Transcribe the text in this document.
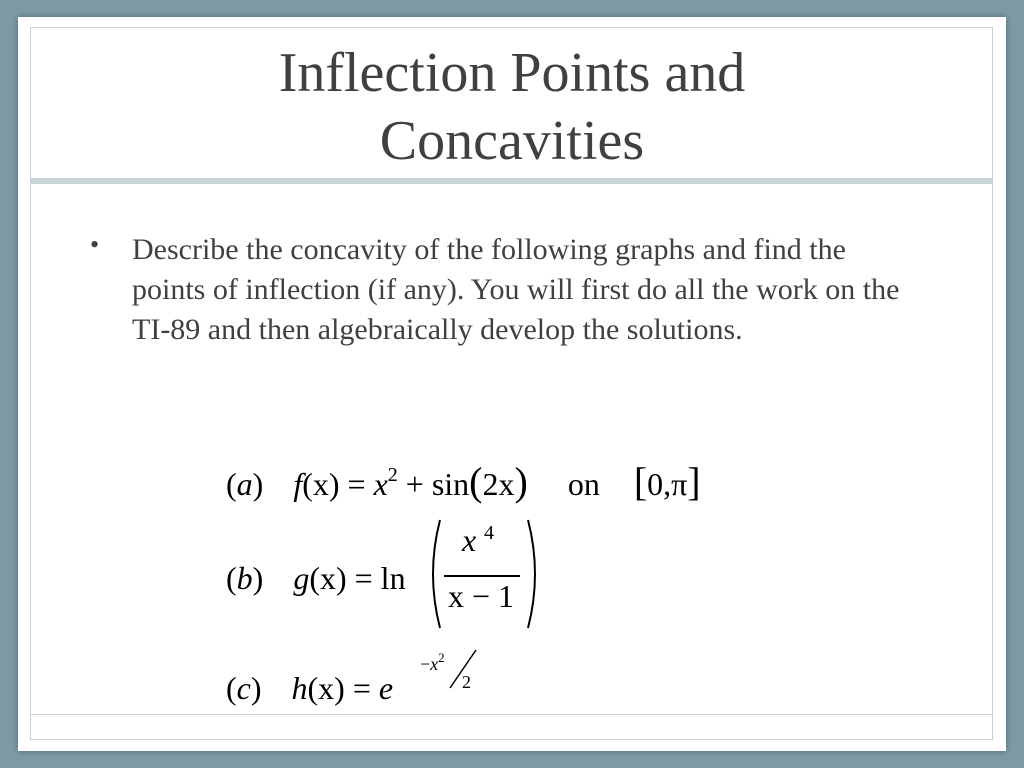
Inflection Points and
Concavities
• Describe the concavity of the following graphs and find the points of inflection (if any). You will first do all the work on the TI-89 and then algebraically develop the solutions.
(a) $f(x) = x^2 + \sin(2x)$ on [0,π]
(b) g(x) = ln
x 4
x − 1
(c) h(x) = e
$-x^2$
2
